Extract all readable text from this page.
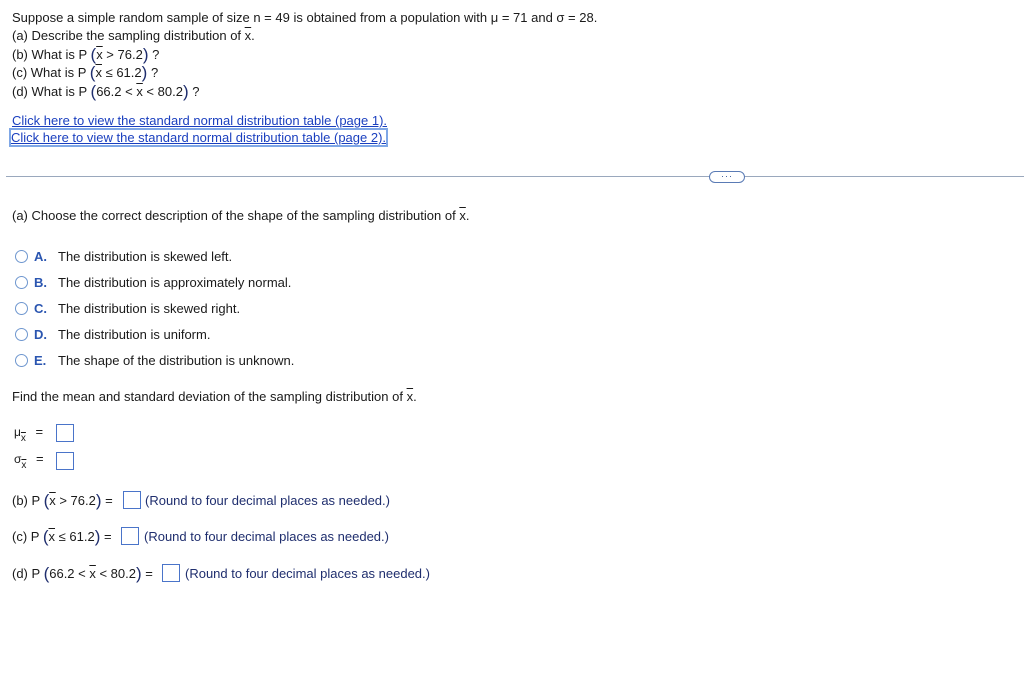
Suppose a simple random sample of size n = 49 is obtained from a population with μ = 71 and σ = 28.
(a) Describe the sampling distribution of $\overline{x}$.
(b) What is P $(\overline{x} > 76.2)$ ?
(c) What is P $(\overline{x} \le 61.2)$ ?
(d) What is P $(66.2 < \overline{x} < 80.2)$ ?
Click here to view the standard normal distribution table (page 1).
Click here to view the standard normal distribution table (page 2).
···
(a) Choose the correct description of the shape of the sampling distribution of $\overline{x}$.
A. The distribution is skewed left.
B. The distribution is approximately normal.
C. The distribution is skewed right.
D. The distribution is uniform.
E. The shape of the distribution is unknown.
Find the mean and standard deviation of the sampling distribution of $\overline{x}$.
$\mu_{\overline{x}}$ =
$\sigma_{\overline{x}}$ =
(b) P $(\overline{x} > 76.2)$ = (Round to four decimal places as needed.)
(c) P $(\overline{x} \le 61.2)$ = (Round to four decimal places as needed.)
(d) P $(66.2 < \overline{x} < 80.2)$ = (Round to four decimal places as needed.)
